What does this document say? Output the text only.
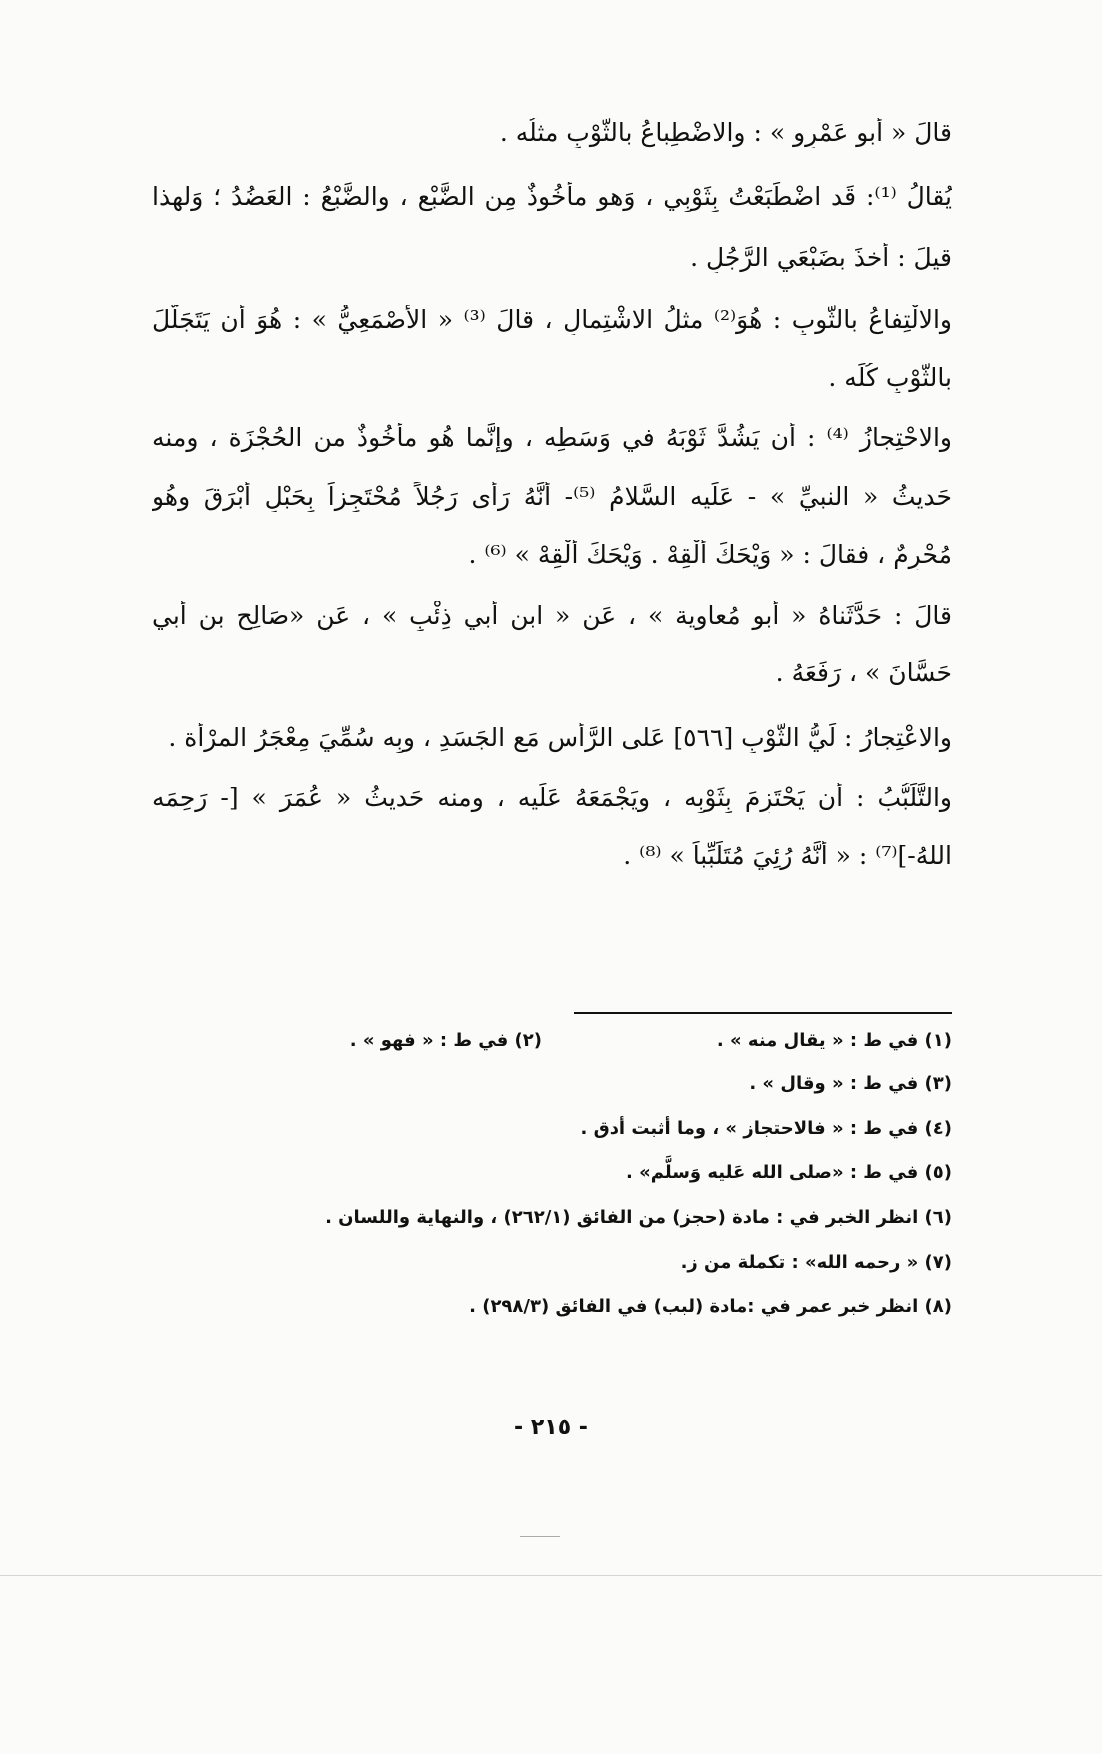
قالَ « أبو عَمْرٍو » : والاضْطِباعُ بالثَّوْبِ مثلُه .
يُقالُ ⁽¹⁾: قَد اضْطَبَعْتُ بِثَوْبِي ، وَهو مأخُوذٌ مِن الضَّبْعِ ، والضَّبْعُ : العَضُدُ ؛ وَلهذا
قيلَ : أخذَ بضَبْعَي الرَّجُلِ .
والالْتِفاعُ بالثَّوبِ : هُوَ⁽²⁾ مثلُ الاشْتِمالِ ، قالَ ⁽³⁾ « الأَصْمَعِيُّ » : هُوَ أن يَتَجَلَّلَ
بالثَّوْبِ كُلِّه .
والاحْتِجازُ ⁽⁴⁾ : أن يَشُدَّ ثَوْبَهُ في وَسَطِه ، وإنَّما هُو مأخُوذٌ من الحُجْزَة ، ومنه
حَديثُ « النبيِّ » - عَلَيه السَّلامُ ⁽⁵⁾- أنَّهُ رَأى رَجُلاً مُحْتَجِزاً بِحَبْلٍ أبْرَقَ وهُو
مُحْرِمٌ ، فقالَ : « وَيْحَكَ أَلْقِهْ . وَيْحَكَ أَلْقِهْ » ⁽⁶⁾ .
قالَ : حَدَّثَناهُ « أبو مُعاوية » ، عَن « ابنِ أبي ذِئْبٍ » ، عَن «صَالِح بن أبي
حَسَّانَ » ، رَفَعَهُ .
والاعْتِجارُ : لَيُّ الثَّوْبِ [٥٦٦] عَلى الرَّأسِ مَع الجَسَدِ ، وبِه سُمِّيَ مِعْجَرُ المرْأة .
والتَّلَبُّبُ : أن يَحْتَزِمَ بِثَوْبِه ، ويَجْمَعَهُ عَلَيه ، ومنه حَديثُ « عُمَرَ » [- رَحِمَه
اللهُ-]⁽⁷⁾ : « أنَّهُ رُئِيَ مُتَلَبِّباً » ⁽⁸⁾ .
(١) في ط : « يقال منه » .
(٢) في ط : « فهو » .
(٣) في ط : « وقال » .
(٤) في ط : « فالاحتجاز » ، وما أثبت أدق .
(٥) في ط : «صلى الله عَليه وَسلَّم» .
(٦) انظر الخبر في : مادة (حجز) من الفائق (٢٦٢/١) ، والنهاية واللسان .
(٧) « رحمه الله» : تكملة من ز.
(٨) انظر خبر عمر في :مادة (لبب) في الفائق (٢٩٨/٣) .
- ٢١٥ -
